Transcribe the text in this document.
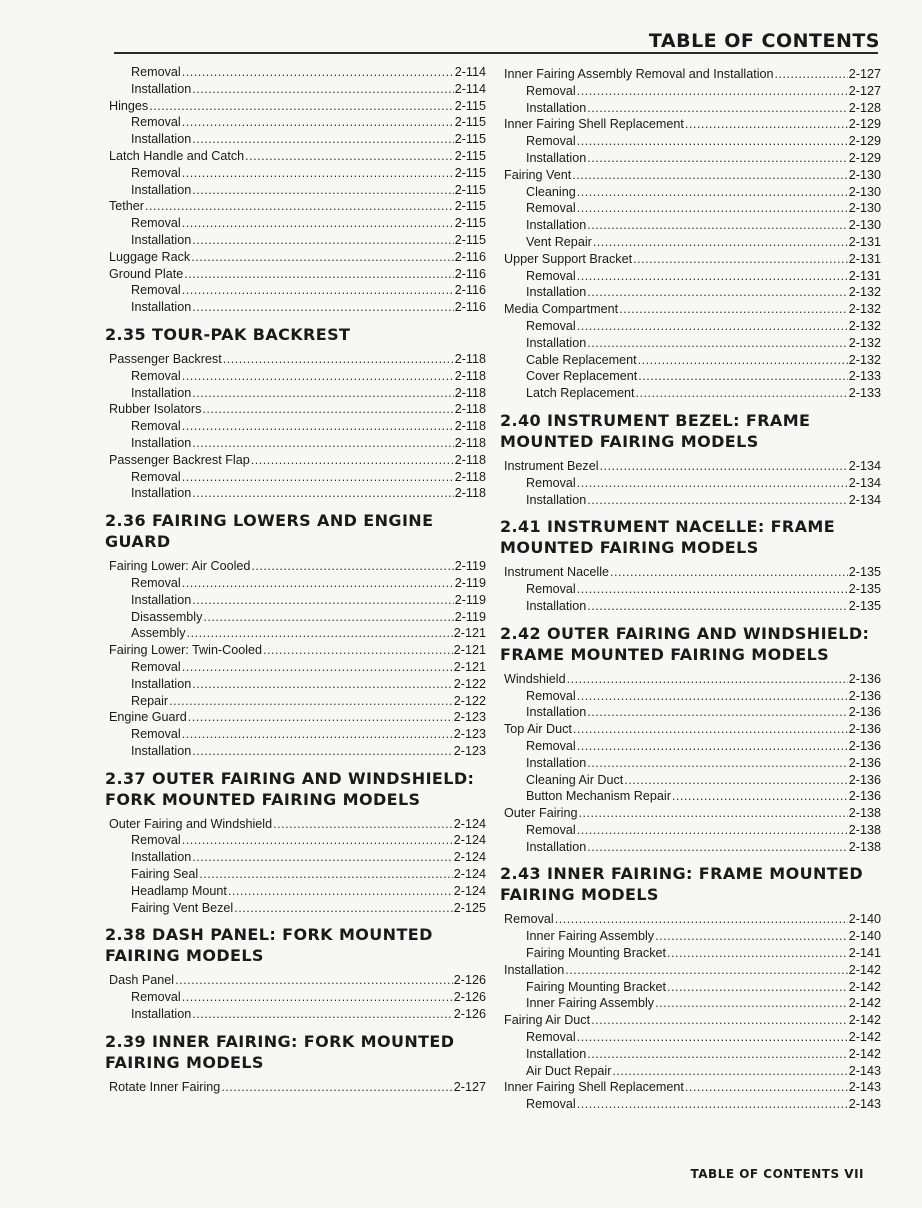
TABLE OF CONTENTS
Removal .....	2-114
Installation .....	2-114
Hinges .....	2-115
Removal .....	2-115
Installation .....	2-115
Latch Handle and Catch .....	2-115
Removal .....	2-115
Installation .....	2-115
Tether .....	2-115
Removal .....	2-115
Installation .....	2-115
Luggage Rack .....	2-116
Ground Plate .....	2-116
Removal .....	2-116
Installation .....	2-116
2.35 TOUR-PAK BACKREST
Passenger Backrest .....	2-118
Removal .....	2-118
Installation .....	2-118
Rubber Isolators .....	2-118
Removal .....	2-118
Installation .....	2-118
Passenger Backrest Flap .....	2-118
Removal .....	2-118
Installation .....	2-118
2.36 FAIRING LOWERS AND ENGINE GUARD
Fairing Lower: Air Cooled .....	2-119
Removal .....	2-119
Installation .....	2-119
Disassembly .....	2-119
Assembly .....	2-121
Fairing Lower: Twin-Cooled .....	2-121
Removal .....	2-121
Installation .....	2-122
Repair .....	2-122
Engine Guard .....	2-123
Removal .....	2-123
Installation .....	2-123
2.37 OUTER FAIRING AND WINDSHIELD: FORK MOUNTED FAIRING MODELS
Outer Fairing and Windshield .....	2-124
Removal .....	2-124
Installation .....	2-124
Fairing Seal .....	2-124
Headlamp Mount .....	2-124
Fairing Vent Bezel .....	2-125
2.38 DASH PANEL: FORK MOUNTED FAIRING MODELS
Dash Panel .....	2-126
Removal .....	2-126
Installation .....	2-126
2.39 INNER FAIRING: FORK MOUNTED FAIRING MODELS
Rotate Inner Fairing .....	2-127
Inner Fairing Assembly Removal and Installation .....	2-127
Removal .....	2-127
Installation .....	2-128
Inner Fairing Shell Replacement .....	2-129
Removal .....	2-129
Installation .....	2-129
Fairing Vent .....	2-130
Cleaning .....	2-130
Removal .....	2-130
Installation .....	2-130
Vent Repair .....	2-131
Upper Support Bracket .....	2-131
Removal .....	2-131
Installation .....	2-132
Media Compartment .....	2-132
Removal .....	2-132
Installation .....	2-132
Cable Replacement .....	2-132
Cover Replacement .....	2-133
Latch Replacement .....	2-133
2.40 INSTRUMENT BEZEL: FRAME MOUNTED FAIRING MODELS
Instrument Bezel .....	2-134
Removal .....	2-134
Installation .....	2-134
2.41 INSTRUMENT NACELLE: FRAME MOUNTED FAIRING MODELS
Instrument Nacelle .....	2-135
Removal .....	2-135
Installation .....	2-135
2.42 OUTER FAIRING AND WINDSHIELD: FRAME MOUNTED FAIRING MODELS
Windshield .....	2-136
Removal .....	2-136
Installation .....	2-136
Top Air Duct .....	2-136
Removal .....	2-136
Installation .....	2-136
Cleaning Air Duct .....	2-136
Button Mechanism Repair .....	2-136
Outer Fairing .....	2-138
Removal .....	2-138
Installation .....	2-138
2.43 INNER FAIRING: FRAME MOUNTED FAIRING MODELS
Removal .....	2-140
Inner Fairing Assembly .....	2-140
Fairing Mounting Bracket .....	2-141
Installation .....	2-142
Fairing Mounting Bracket .....	2-142
Inner Fairing Assembly .....	2-142
Fairing Air Duct .....	2-142
Removal .....	2-142
Installation .....	2-142
Air Duct Repair .....	2-143
Inner Fairing Shell Replacement .....	2-143
Removal .....	2-143
TABLE OF CONTENTS VII
